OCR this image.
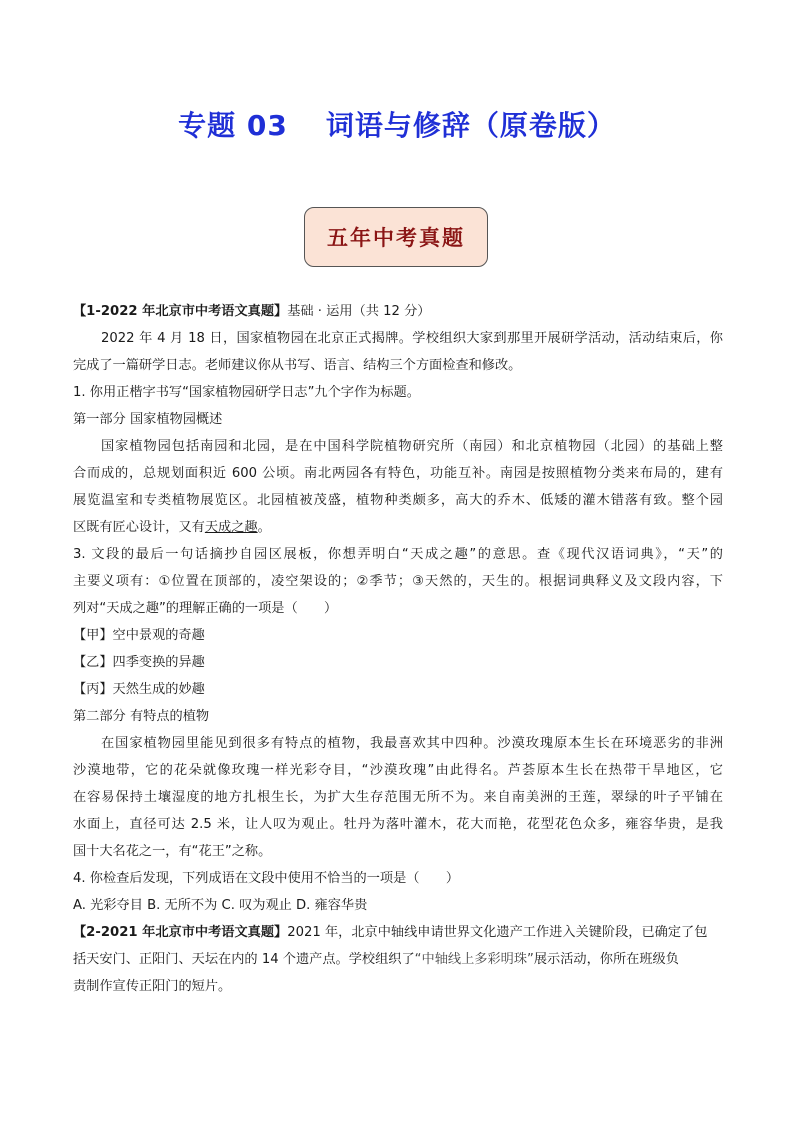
专题 03 词语与修辞（原卷版）
五年中考真题
【1-2022 年北京市中考语文真题】基础 · 运用（共 12 分）
2022 年 4 月 18 日，国家植物园在北京正式揭牌。学校组织大家到那里开展研学活动，活动结束后，你
完成了一篇研学日志。老师建议你从书写、语言、结构三个方面检查和修改。
1. 你用正楷字书写“国家植物园研学日志”九个字作为标题。
第一部分 国家植物园概述
国家植物园包括南园和北园，是在中国科学院植物研究所（南园）和北京植物园（北园）的基础上整
合而成的，总规划面积近 600 公顷。南北两园各有特色，功能互补。南园是按照植物分类来布局的，建有
展览温室和专类植物展览区。北园植被茂盛，植物种类颇多，高大的乔木、低矮的灌木错落有致。整个园
区既有匠心设计，又有天成之趣。
3. 文段的最后一句话摘抄自园区展板，你想弄明白“天成之趣”的意思。查《现代汉语词典》，“天”的
主要义项有：①位置在顶部的，凌空架设的；②季节；③天然的，天生的。根据词典释义及文段内容，下
列对“天成之趣”的理解正确的一项是（　　）
【甲】空中景观的奇趣
【乙】四季变换的异趣
【丙】天然生成的妙趣
第二部分 有特点的植物
在国家植物园里能见到很多有特点的植物，我最喜欢其中四种。沙漠玫瑰原本生长在环境恶劣的非洲
沙漠地带，它的花朵就像玫瑰一样光彩夺目，“沙漠玫瑰”由此得名。芦荟原本生长在热带干旱地区，它
在容易保持土壤湿度的地方扎根生长，为扩大生存范围无所不为。来自南美洲的王莲，翠绿的叶子平铺在
水面上，直径可达 2.5 米，让人叹为观止。牡丹为落叶灌木，花大而艳，花型花色众多，雍容华贵，是我
国十大名花之一，有“花王”之称。
4. 你检查后发现，下列成语在文段中使用不恰当的一项是（　　）
A. 光彩夺目 B. 无所不为 C. 叹为观止 D. 雍容华贵
【2-2021 年北京市中考语文真题】2021 年，北京中轴线申请世界文化遗产工作进入关键阶段，已确定了包
括天安门、正阳门、天坛在内的 14 个遗产点。学校组织了“中轴线上多彩明珠”展示活动，你所在班级负
责制作宣传正阳门的短片。
